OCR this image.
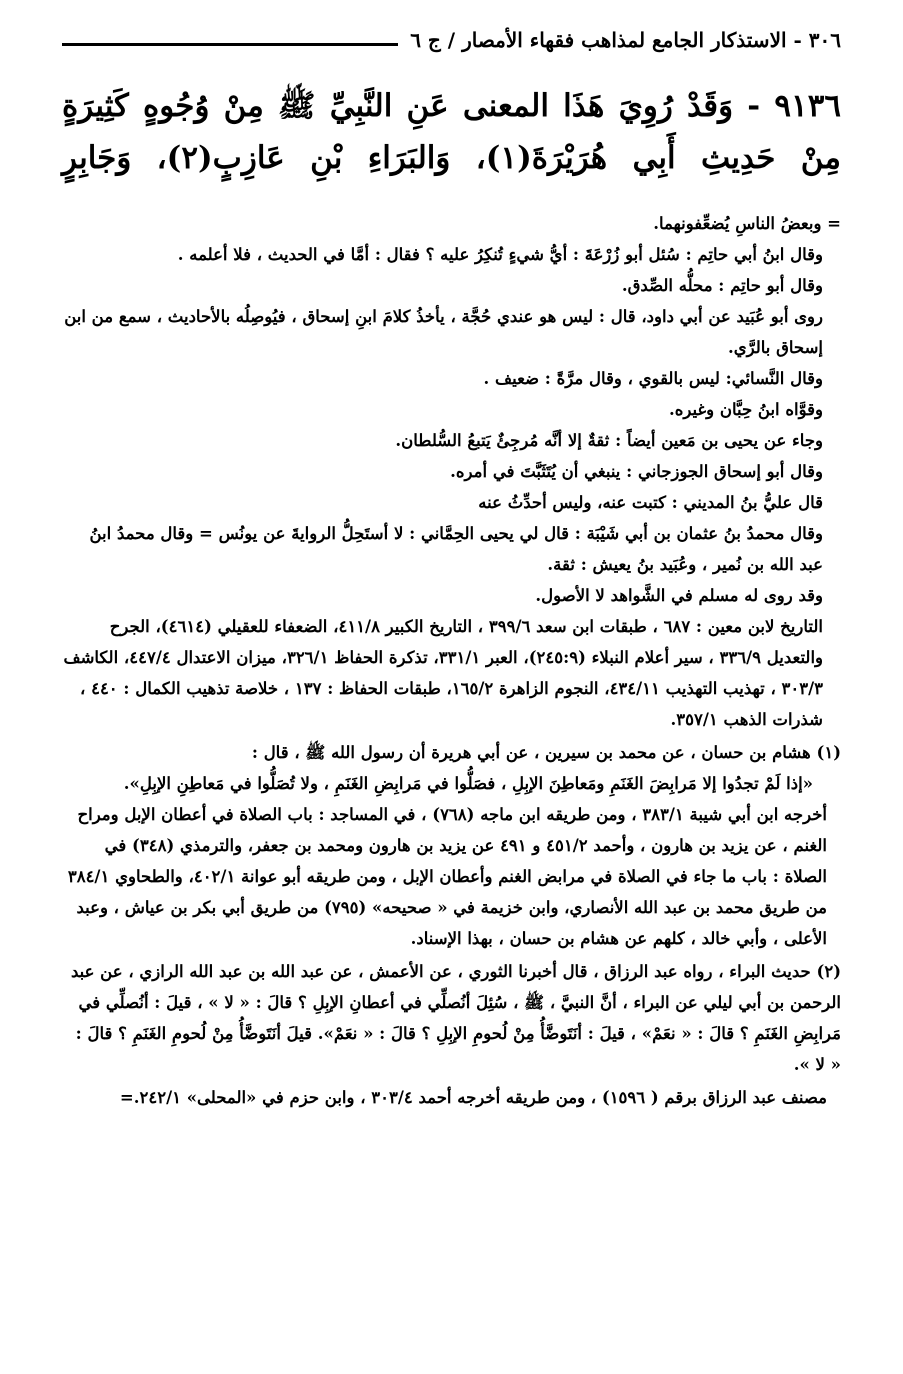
٣٠٦ - الاستذكار الجامع لمذاهب فقهاء الأمصار / ج ٦

٩١٣٦ - وَقَدْ رُوِيَ هَذَا المعنى عَنِ النَّبِيِّ ﷺ مِنْ وُجُوهٍ كَثِيرَةٍ مِنْ حَدِيثِ أَبِي هُرَيْرَةَ(١)، وَالبَرَاءِ بْنِ عَازِبٍ(٢)، وَجَابِرٍ

= وبعضُ الناسِ يُضعِّفونهما.

وقال ابنُ أبي حاتِم : سُئل أبو زُرْعَةَ : أيُّ شيءٍ تُنكِرُ عليه ؟ فقال : أمَّا في الحديث ، فلا أعلمه .

وقال أبو حاتِم : محلُّه الصِّدق.

روى أبو عُبَيد عن أبي داود، قال : ليس هو عندي حُجَّة ، يأخذُ كلامَ ابنِ إسحاق ، فيُوصِلُه بالأحاديث ، سمع من ابن إسحاق بالرَّي.

وقال النَّسائي: ليس بالقوي ، وقال مرَّةً : ضعيف .

وقوَّاه ابنُ حِبَّان وغيره.

وجاء عن يحيى بن مَعين أيضاً : ثقةٌ إلا أنَّه مُرجِئٌ يَتبعُ السُّلطان.

وقال أبو إسحاق الجوزجاني : ينبغي أن يُتَثَبَّتَ في أمره.

قال عليُّ بنُ المديني : كتبت عنه، وليس أحدِّثُ عنه

وقال محمدُ بنُ عثمان بن أبي شَيْبَة : قال لي يحيى الحِمَّاني : لا أستَحِلُّ الروايةَ عن يونُس = وقال محمدُ ابنُ عبد الله بن نُمير ، وعُبَيد بنُ يعيش : ثقة.

وقد روى له مسلم في الشَّواهد لا الأصول.

التاريخ لابن معين : ٦٨٧ ، طبقات ابن سعد ٣٩٩/٦ ، التاريخ الكبير ٤١١/٨، الضعفاء للعقيلي (٤٦١٤)، الجرح والتعديل ٣٣٦/٩ ، سير أعلام النبلاء (٢٤٥:٩)، العبر ٣٣١/١، تذكرة الحفاظ ٣٢٦/١، ميزان الاعتدال ٤٤٧/٤، الكاشف ٣٠٣/٣ ، تهذيب التهذيب ٤٣٤/١١، النجوم الزاهرة ١٦٥/٢، طبقات الحفاظ : ١٣٧ ، خلاصة تذهيب الكمال : ٤٤٠ ، شذرات الذهب ٣٥٧/١.

(١) هشام بن حسان ، عن محمد بن سيرين ، عن أبي هريرة أن رسول الله ﷺ ، قال :

«إذا لَمْ تجدُوا إلا مَرابِضَ الغَنَمِ ومَعاطِنَ الإبِلِ ، فصَلُّوا في مَرابِضِ الغَنَمِ ، ولا تُصَلُّوا في مَعاطِنِ الإبِلِ».

أخرجه ابن أبي شيبة ٣٨٣/١ ، ومن طريقه ابن ماجه (٧٦٨) ، في المساجد : باب الصلاة في أعطان الإبل ومراح الغنم ، عن يزيد بن هارون ، وأحمد ٤٥١/٢ و ٤٩١ عن يزيد بن هارون ومحمد بن جعفر، والترمذي (٣٤٨) في الصلاة : باب ما جاء في الصلاة في مرابض الغنم وأعطان الإبل ، ومن طريقه أبو عوانة ٤٠٢/١، والطحاوي ٣٨٤/١ من طريق محمد بن عبد الله الأنصاري، وابن خزيمة في « صحيحه» (٧٩٥) من طريق أبي بكر بن عياش ، وعبد الأعلى ، وأبي خالد ، كلهم عن هشام بن حسان ، بهذا الإسناد.

(٢) حديث البراء ، رواه عبد الرزاق ، قال أخبرنا الثوري ، عن الأعمش ، عن عبد الله بن عبد الله الرازي ، عن عبد الرحمن بن أبي ليلي عن البراء ، أنَّ النبيَّ ، ﷺ ، سُئِلَ أنُصلِّي في أعطانِ الإبِلِ ؟ قالَ : « لا » ، قيلَ : أنُصلِّي في مَرابِضِ الغَنَمِ ؟ قالَ : « نعَمْ» ، قيلَ : أنَتَوضَّأُ مِنْ لُحومِ الإبِلِ ؟ قالَ : « نعَمْ». قيلَ أنَتَوضَّأُ مِنْ لُحومِ الغَنَمِ ؟ قالَ : « لا ».

مصنف عبد الرزاق برقم ( ١٥٩٦) ، ومن طريقه أخرجه أحمد ٣٠٣/٤ ، وابن حزم في «المحلى» ٢٤٢/١.=
